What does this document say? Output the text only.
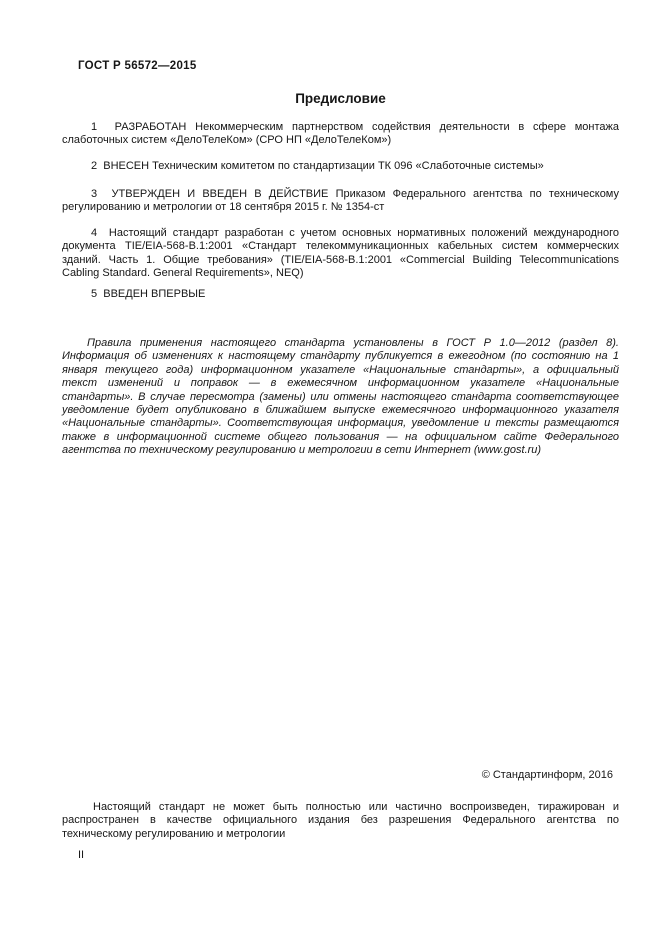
ГОСТ Р 56572—2015
Предисловие
1  РАЗРАБОТАН Некоммерческим партнерством содействия деятельности в сфере монтажа слаботочных систем «ДелоТелеКом» (СРО НП «ДелоТелеКом»)
2  ВНЕСЕН Техническим комитетом по стандартизации ТК 096 «Слаботочные системы»
3  УТВЕРЖДЕН И ВВЕДЕН В ДЕЙСТВИЕ Приказом Федерального агентства по техническому регулированию и метрологии от 18 сентября 2015 г. № 1354-ст
4  Настоящий стандарт разработан с учетом основных нормативных положений международного документа TIE/EIA-568-B.1:2001 «Стандарт телекоммуникационных кабельных систем коммерческих зданий. Часть 1. Общие требования» (TIE/EIA-568-B.1:2001 «Commercial Building Telecommunications Cabling Standard. General Requirements», NEQ)
5  ВВЕДЕН ВПЕРВЫЕ
Правила применения настоящего стандарта установлены в ГОСТ Р 1.0—2012 (раздел 8). Информация об изменениях к настоящему стандарту публикуется в ежегодном (по состоянию на 1 января текущего года) информационном указателе «Национальные стандарты», а официальный текст изменений и поправок — в ежемесячном информационном указателе «Национальные стандарты». В случае пересмотра (замены) или отмены настоящего стандарта соответствующее уведомление будет опубликовано в ближайшем выпуске ежемесячного информационного указателя «Национальные стандарты». Соответствующая информация, уведомление и тексты размещаются также в информационной системе общего пользования — на официальном сайте Федерального агентства по техническому регулированию и метрологии в сети Интернет (www.gost.ru)
© Стандартинформ, 2016
Настоящий стандарт не может быть полностью или частично воспроизведен, тиражирован и распространен в качестве официального издания без разрешения Федерального агентства по техническому регулированию и метрологии
II
